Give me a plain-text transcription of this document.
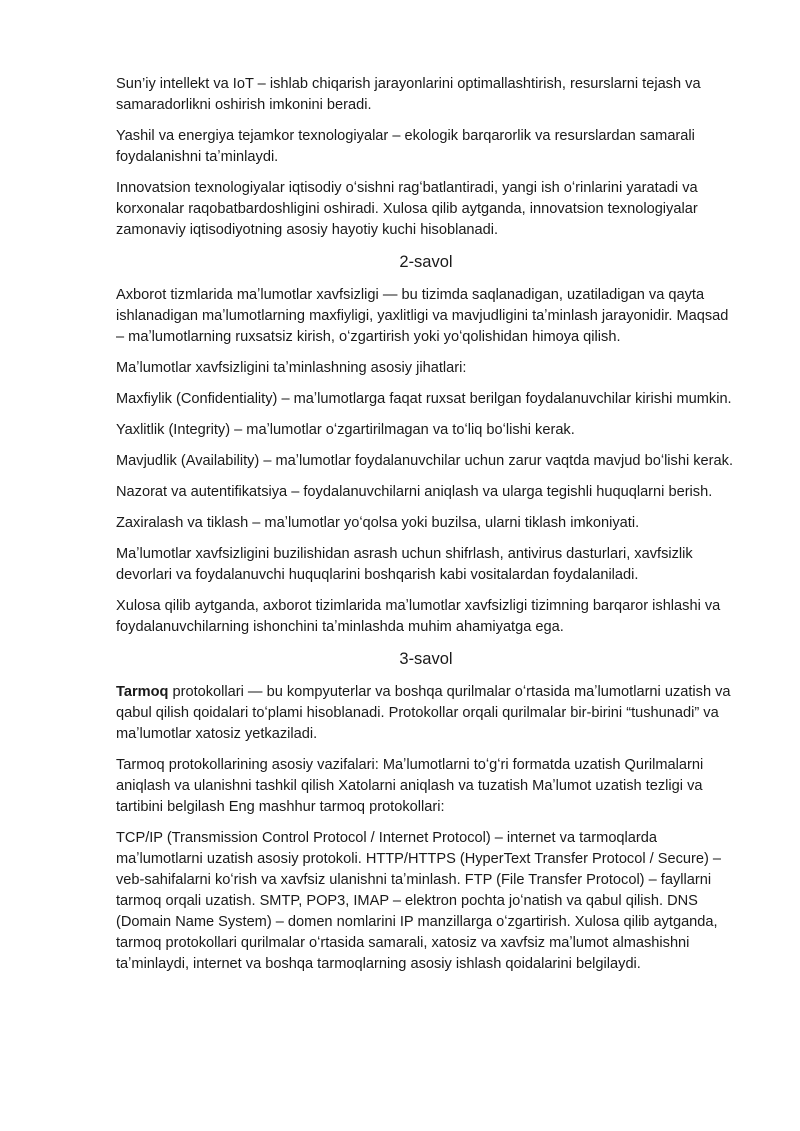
Sun’iy intellekt va IoT – ishlab chiqarish jarayonlarini optimallashtirish, resurslarni tejash va samaradorlikni oshirish imkonini beradi.

Yashil va energiya tejamkor texnologiyalar – ekologik barqarorlik va resurslardan samarali foydalanishni taʼminlaydi.

Innovatsion texnologiyalar iqtisodiy oʻsishni ragʻbatlantiradi, yangi ish oʻrinlarini yaratadi va korxonalar raqobatbardoshligini oshiradi. Xulosa qilib aytganda, innovatsion texnologiyalar zamonaviy iqtisodiyotning asosiy hayotiy kuchi hisoblanadi.

2-savol

Axborot tizmlarida maʼlumotlar xavfsizligi — bu tizimda saqlanadigan, uzatiladigan va qayta ishlanadigan maʼlumotlarning maxfiyligi, yaxlitligi va mavjudligini taʼminlash jarayonidir. Maqsad – maʼlumotlarning ruxsatsiz kirish, oʻzgartirish yoki yoʻqolishidan himoya qilish.

Maʼlumotlar xavfsizligini taʼminlashning asosiy jihatlari:

Maxfiylik (Confidentiality) – maʼlumotlarga faqat ruxsat berilgan foydalanuvchilar kirishi mumkin.

Yaxlitlik (Integrity) – maʼlumotlar oʻzgartirilmagan va toʻliq boʻlishi kerak.

Mavjudlik (Availability) – maʼlumotlar foydalanuvchilar uchun zarur vaqtda mavjud boʻlishi kerak.

Nazorat va autentifikatsiya – foydalanuvchilarni aniqlash va ularga tegishli huquqlarni berish.

Zaxiralash va tiklash – maʼlumotlar yoʻqolsa yoki buzilsa, ularni tiklash imkoniyati.

Maʼlumotlar xavfsizligini buzilishidan asrash uchun shifrlash, antivirus dasturlari, xavfsizlik devorlari va foydalanuvchi huquqlarini boshqarish kabi vositalardan foydalaniladi.

Xulosa qilib aytganda, axborot tizimlarida maʼlumotlar xavfsizligi tizimning barqaror ishlashi va foydalanuvchilarning ishonchini taʼminlashda muhim ahamiyatga ega.

3-savol

Tarmoq protokollari — bu kompyuterlar va boshqa qurilmalar oʻrtasida maʼlumotlarni uzatish va qabul qilish qoidalari toʻplami hisoblanadi. Protokollar orqali qurilmalar bir-birini “tushunadi” va maʼlumotlar xatosiz yetkaziladi.

Tarmoq protokollarining asosiy vazifalari: Maʼlumotlarni toʻgʻri formatda uzatish Qurilmalarni aniqlash va ulanishni tashkil qilish Xatolarni aniqlash va tuzatish Maʼlumot uzatish tezligi va tartibini belgilash Eng mashhur tarmoq protokollari:

TCP/IP (Transmission Control Protocol / Internet Protocol) – internet va tarmoqlarda maʼlumotlarni uzatish asosiy protokoli. HTTP/HTTPS (HyperText Transfer Protocol / Secure) – veb-sahifalarni koʻrish va xavfsiz ulanishni taʼminlash. FTP (File Transfer Protocol) – fayllarni tarmoq orqali uzatish. SMTP, POP3, IMAP – elektron pochta joʻnatish va qabul qilish. DNS (Domain Name System) – domen nomlarini IP manzillarga oʻzgartirish. Xulosa qilib aytganda, tarmoq protokollari qurilmalar oʻrtasida samarali, xatosiz va xavfsiz maʼlumot almashishni taʼminlaydi, internet va boshqa tarmoqlarning asosiy ishlash qoidalarini belgilaydi.
